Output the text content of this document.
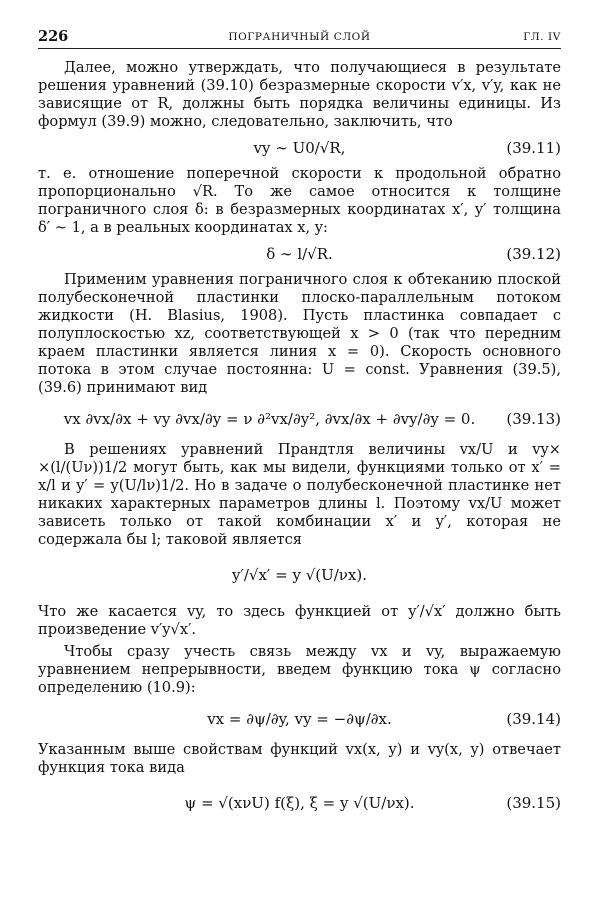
226	ПОГРАНИЧНЫЙ СЛОЙ	ГЛ. IV

Далее, можно утверждать, что получающиеся в результате решения уравнений (39.10) безразмерные скорости v′x, v′y, как не зависящие от R, должны быть порядка величины единицы. Из формул (39.9) можно, следовательно, заключить, что

vy ∼ U0/√R,	(39.11)

т. е. отношение поперечной скорости к продольной обратно пропорционально √R. То же самое относится к толщине пограничного слоя δ: в безразмерных координатах x′, y′ толщина δ′ ∼ 1, а в реальных координатах x, y:

δ ∼ l/√R.	(39.12)

Применим уравнения пограничного слоя к обтеканию плоской полубесконечной пластинки плоско-параллельным потоком жидкости (H. Blasius, 1908). Пусть пластинка совпадает с полуплоскостью xz, соответствующей x > 0 (так что передним краем пластинки является линия x = 0). Скорость основного потока в этом случае постоянна: U = const. Уравнения (39.5), (39.6) принимают вид

vx ∂vx/∂x + vy ∂vx/∂y = ν ∂²vx/∂y², ∂vx/∂x + ∂vy/∂y = 0.	(39.13)

В решениях уравнений Прандтля величины vx/U и vy× ×(l/(Uν))1/2 могут быть, как мы видели, функциями только от x′ = x/l и y′ = y(U/lν)1/2. Но в задаче о полубесконечной пластинке нет никаких характерных параметров длины l. Поэтому vx/U может зависеть только от такой комбинации x′ и y′, которая не содержала бы l; таковой является

y′/√x′ = y √(U/νx).

Что же касается vy, то здесь функцией от y′/√x′ должно быть произведение v′y√x′.

Чтобы сразу учесть связь между vx и vy, выражаемую уравнением непрерывности, введем функцию тока ψ согласно определению (10.9):

vx = ∂ψ/∂y, vy = −∂ψ/∂x.	(39.14)

Указанным выше свойствам функций vx(x, y) и vy(x, y) отвечает функция тока вида

ψ = √(xνU) f(ξ), ξ = y √(U/νx).	(39.15)
